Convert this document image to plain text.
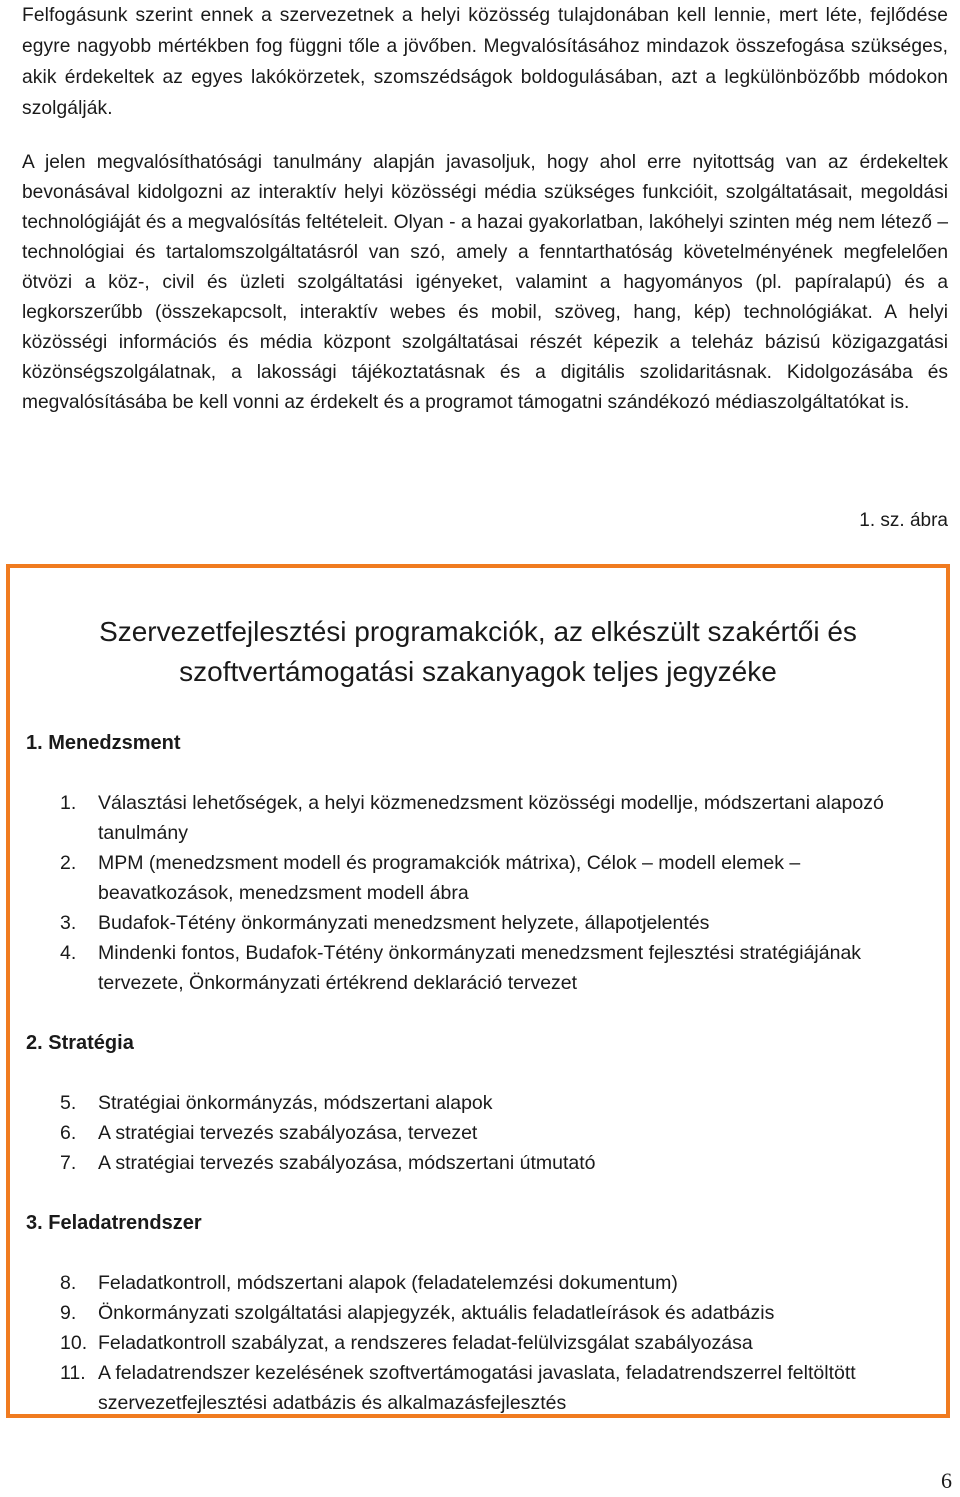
Felfogásunk szerint ennek a szervezetnek a helyi közösség tulajdonában kell lennie, mert léte, fejlődése egyre nagyobb mértékben fog függni tőle a jövőben. Megvalósításához mindazok összefogása szükséges, akik érdekeltek az egyes lakókörzetek, szomszédságok boldogulásában, azt a legkülönbözőbb módokon szolgálják.
A jelen megvalósíthatósági tanulmány alapján javasoljuk, hogy ahol erre nyitottság van az érdekeltek bevonásával kidolgozni az interaktív helyi közösségi média szükséges funkcióit, szolgáltatásait, megoldási technológiáját és a megvalósítás feltételeit. Olyan - a hazai gyakorlatban, lakóhelyi szinten még nem létező – technológiai és tartalomszolgáltatásról van szó, amely a fenntarthatóság követelményének megfelelően ötvözi a köz-, civil és üzleti szolgáltatási igényeket, valamint a hagyományos (pl. papíralapú) és a legkorszerűbb (összekapcsolt, interaktív webes és mobil, szöveg, hang, kép) technológiákat. A helyi közösségi információs és média központ szolgáltatásai részét képezik a teleház bázisú közigazgatási közönségszolgálatnak, a lakossági tájékoztatásnak és a digitális szolidaritásnak. Kidolgozásába és megvalósításába be kell vonni az érdekelt és a programot támogatni szándékozó médiaszolgáltatókat is.
1. sz. ábra
Szervezetfejlesztési programakciók, az elkészült szakértői és
szoftvertámogatási szakanyagok teljes jegyzéke
1. Menedzsment
1.	Választási lehetőségek, a helyi közmenedzsment közösségi modellje, módszertani alapozó tanulmány
2.	MPM (menedzsment modell és programakciók mátrixa), Célok – modell elemek – beavatkozások, menedzsment modell ábra
3.	Budafok-Tétény önkormányzati menedzsment helyzete, állapotjelentés
4.	Mindenki fontos, Budafok-Tétény önkormányzati menedzsment fejlesztési stratégiájának tervezete, Önkormányzati értékrend deklaráció tervezet
2. Stratégia
5.	Stratégiai önkormányzás, módszertani alapok
6.	A stratégiai tervezés szabályozása, tervezet
7.	A stratégiai tervezés szabályozása, módszertani útmutató
3. Feladatrendszer
8.	Feladatkontroll, módszertani alapok (feladatelemzési dokumentum)
9.	Önkormányzati szolgáltatási alapjegyzék, aktuális feladatleírások és adatbázis
10. Feladatkontroll szabályzat, a rendszeres feladat-felülvizsgálat szabályozása
11. A feladatrendszer kezelésének szoftvertámogatási javaslata, feladatrendszerrel feltöltött szervezetfejlesztési adatbázis és alkalmazásfejlesztés
6
